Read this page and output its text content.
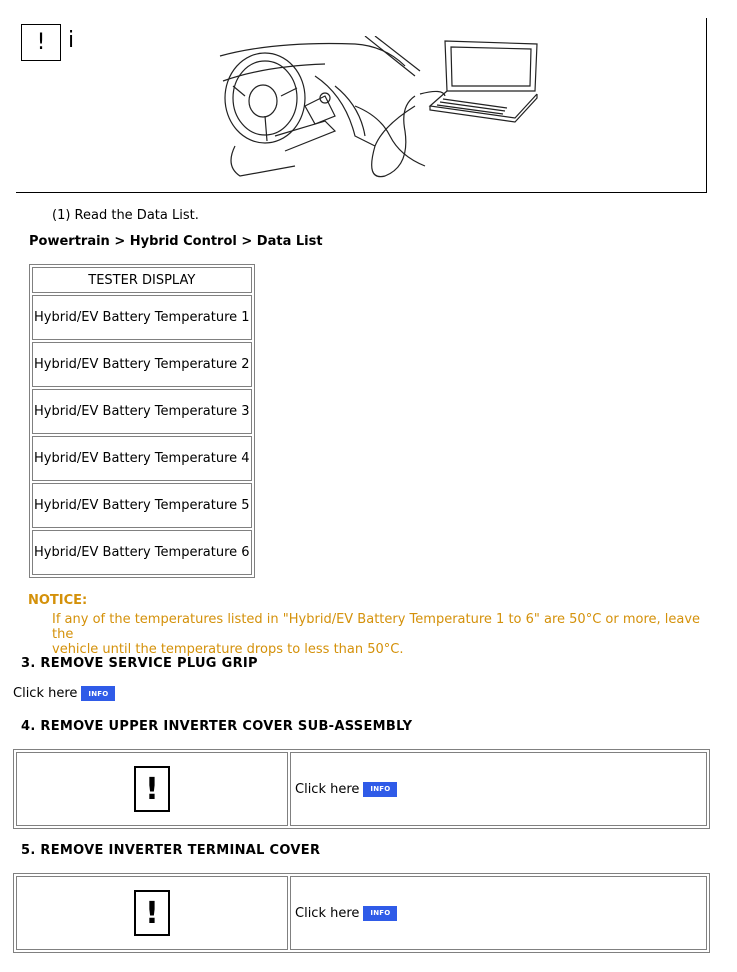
!	i
(1) Read the Data List.
Powertrain > Hybrid Control > Data List
TESTER DISPLAY
Hybrid/EV Battery Temperature 1
Hybrid/EV Battery Temperature 2
Hybrid/EV Battery Temperature 3
Hybrid/EV Battery Temperature 4
Hybrid/EV Battery Temperature 5
Hybrid/EV Battery Temperature 6
NOTICE:
If any of the temperatures listed in "Hybrid/EV Battery Temperature 1 to 6" are 50°C or more, leave the
vehicle until the temperature drops to less than 50°C.
3. REMOVE SERVICE PLUG GRIP
Click here	INFO
4. REMOVE UPPER INVERTER COVER SUB-ASSEMBLY
!	Click here	INFO
5. REMOVE INVERTER TERMINAL COVER
!	Click here	INFO
